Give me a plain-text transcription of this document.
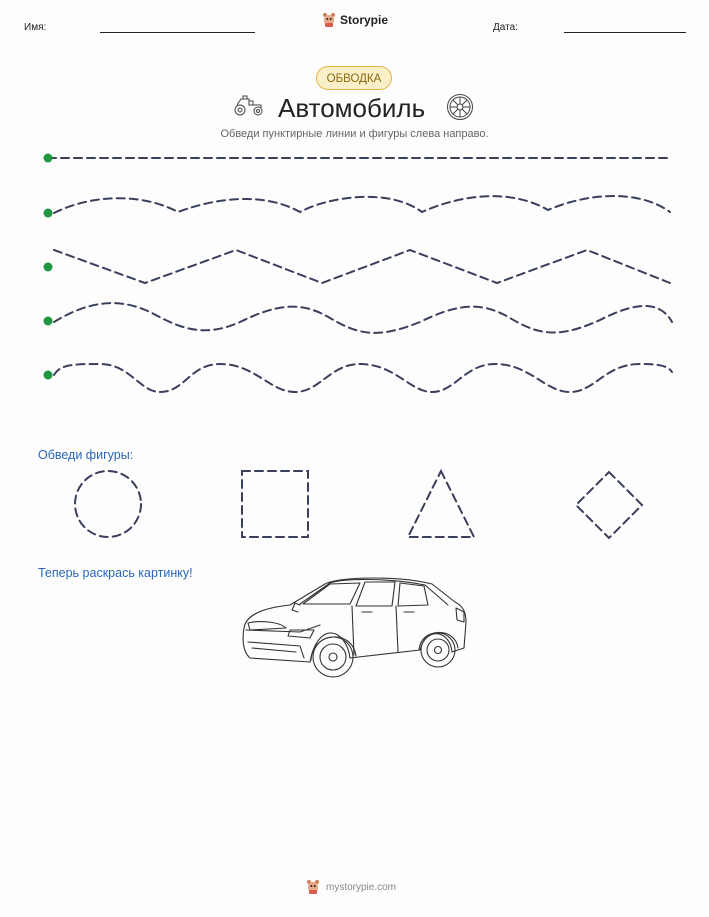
Имя:
Storypie
Дата:
ОБВОДКА
Автомобиль
Обведи пунктирные линии и фигуры слева направо.
Обведи фигуры:
Теперь раскрась картинку!
mystorypie.com
